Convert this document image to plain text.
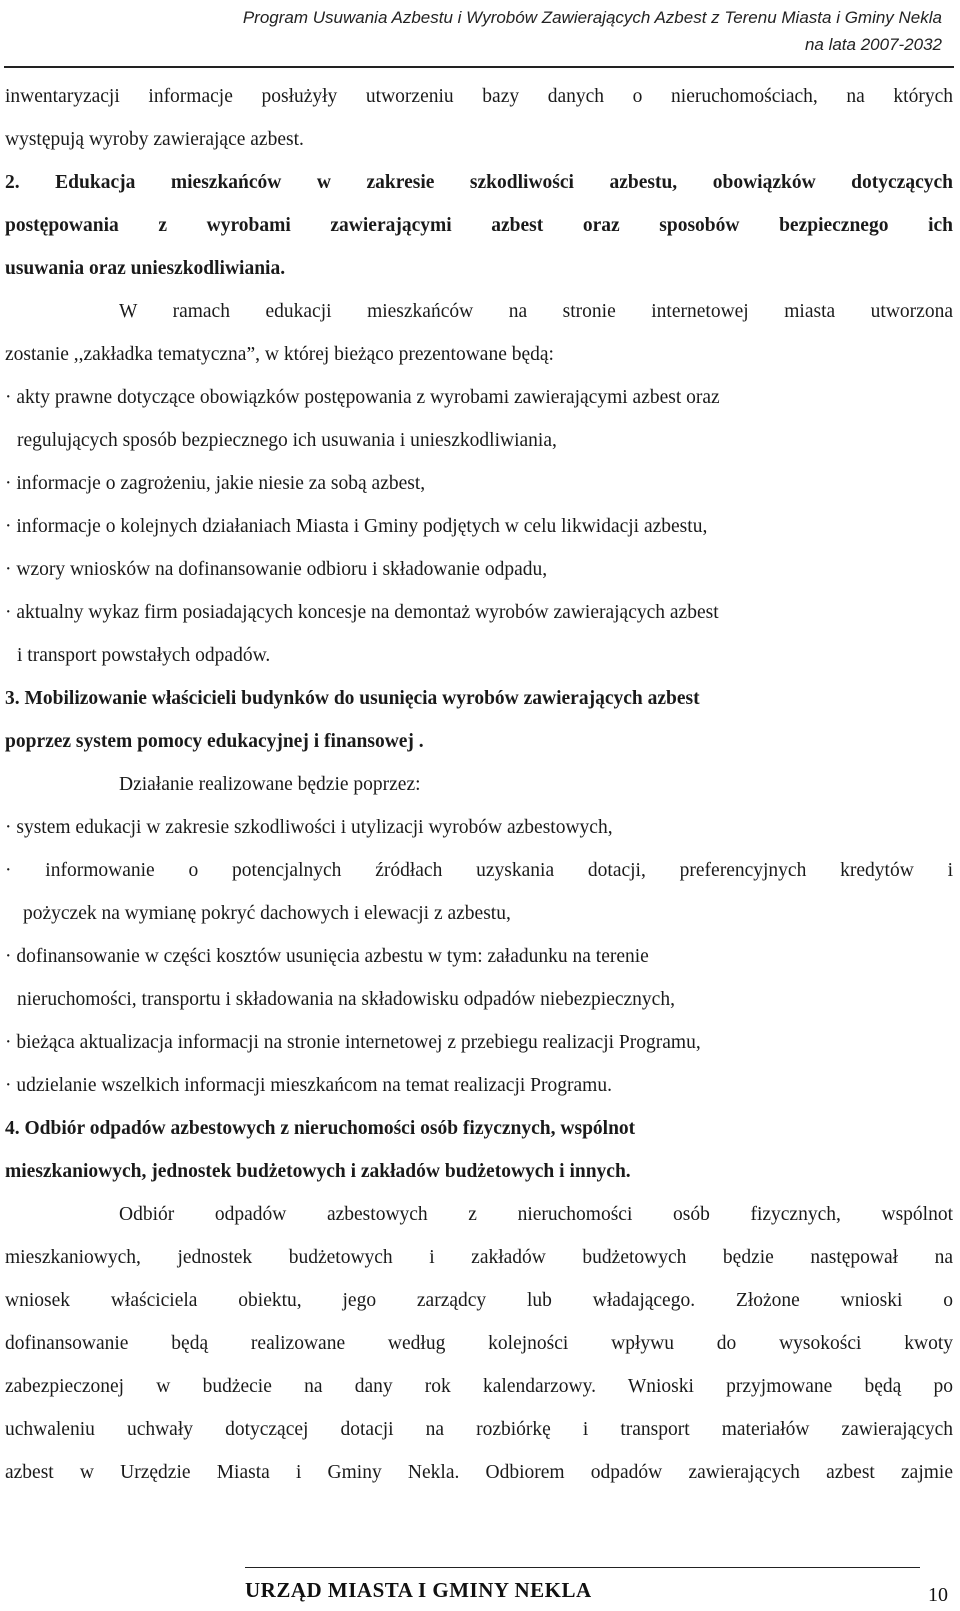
Program Usuwania Azbestu i Wyrobów Zawierających Azbest z Terenu Miasta i Gminy Nekla
na lata 2007-2032
inwentaryzacji informacje posłużyły utworzeniu bazy danych o nieruchomościach, na których
występują wyroby zawierające azbest.
2. Edukacja mieszkańców w zakresie szkodliwości azbestu, obowiązków dotyczących
postępowania z wyrobami zawierającymi azbest oraz sposobów bezpiecznego ich
usuwania oraz unieszkodliwiania.
W ramach edukacji mieszkańców na stronie internetowej miasta utworzona
zostanie ,,zakładka tematyczna”, w której bieżąco prezentowane będą:
· akty prawne dotyczące obowiązków postępowania z wyrobami zawierającymi azbest oraz
regulujących sposób bezpiecznego ich usuwania i unieszkodliwiania,
· informacje o zagrożeniu, jakie niesie za sobą azbest,
· informacje o kolejnych działaniach Miasta i Gminy podjętych w celu likwidacji azbestu,
· wzory wniosków na dofinansowanie odbioru i składowanie odpadu,
· aktualny wykaz firm posiadających koncesje na demontaż wyrobów zawierających azbest
i transport powstałych odpadów.
3. Mobilizowanie właścicieli budynków do usunięcia wyrobów zawierających azbest
poprzez system pomocy edukacyjnej i finansowej .
Działanie realizowane będzie poprzez:
· system edukacji w zakresie szkodliwości i utylizacji wyrobów azbestowych,
· informowanie o potencjalnych źródłach uzyskania dotacji, preferencyjnych kredytów i
pożyczek na wymianę pokryć dachowych i elewacji z azbestu,
· dofinansowanie w części kosztów usunięcia azbestu w tym: załadunku na terenie
nieruchomości, transportu i składowania na składowisku odpadów niebezpiecznych,
· bieżąca aktualizacja informacji na stronie internetowej z przebiegu realizacji Programu,
· udzielanie wszelkich informacji mieszkańcom na temat realizacji Programu.
4. Odbiór odpadów azbestowych z nieruchomości osób fizycznych, wspólnot
mieszkaniowych, jednostek budżetowych i zakładów budżetowych i innych.
Odbiór odpadów azbestowych z nieruchomości osób fizycznych, wspólnot
mieszkaniowych, jednostek budżetowych i zakładów budżetowych będzie następował na
wniosek właściciela obiektu, jego zarządcy lub władającego. Złożone wnioski o
dofinansowanie będą realizowane według kolejności wpływu do wysokości kwoty
zabezpieczonej w budżecie na dany rok kalendarzowy. Wnioski przyjmowane będą po
uchwaleniu uchwały dotyczącej dotacji na rozbiórkę i transport materiałów zawierających
azbest w Urzędzie Miasta i Gminy Nekla. Odbiorem odpadów zawierających azbest zajmie
URZĄD MIASTA I GMINY NEKLA	10
